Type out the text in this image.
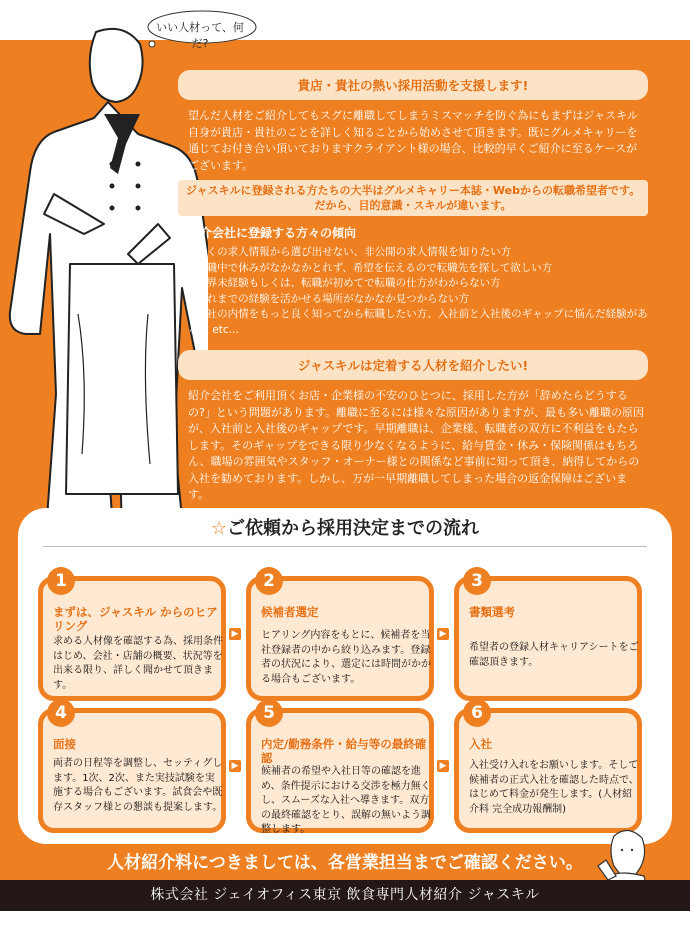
いい人材って、何だ?
貴店・貴社の熱い採用活動を支援します!
望んだ人材をご紹介してもスグに離職してしまうミスマッチを防ぐ為にもまずはジャスキル自身が貴店・貴社のことを詳しく知ることから始めさせて頂きます。既にグルメキャリーを通じてお付き合い頂いておりますクライアント様の場合、比較的早くご紹介に至るケースがございます。
ジャスキルに登録される方たちの大半はグルメキャリー本誌・Webからの転職希望者です。
だから、目的意識・スキルが違います。
紹介会社に登録する方々の傾向
◆多くの求人情報から選び出せない、非公開の求人情報を知りたい方
◆在職中で休みがなかなかとれず、希望を伝えるので転職先を探して欲しい方
◆業界未経験もしくは、転職が初めてで転職の仕方がわからない方
◆これまでの経験を活かせる場所がなかなか見つからない方
◆会社の内情をもっと良く知ってから転職したい方、入社前と入社後のギャップに悩んだ経験がある方 etc…
ジャスキルは定着する人材を紹介したい!
紹介会社をご利用頂くお店・企業様の不安のひとつに、採用した方が「辞めたらどうするの?」という問題があります。離職に至るには様々な原因がありますが、最も多い離職の原因が、入社前と入社後のギャップです。早期離職は、企業様、転職者の双方に不利益をもたらします。そのギャップをできる限り少なくなるように、給与賃金・休み・保険関係はもちろん、職場の雰囲気やスタッフ・オーナー様との関係など事前に知って頂き、納得してからの入社を勧めております。しかし、万が一早期離職してしまった場合の返金保障はございます。
☆ご依頼から採用決定までの流れ
1
まずは、ジャスキル からのヒアリング
求める人材像を確認する為、採用条件はじめ、会社・店舗の概要、状況等を出来る限り、詳しく聞かせて頂きます。
▶
2
候補者選定
ヒアリング内容をもとに、候補者を当社登録者の中から絞り込みます。登録者の状況により、選定には時間がかかる場合もございます。
▶
3
書類選考
希望者の登録人材キャリアシートをご確認頂きます。
4
面接
両者の日程等を調整し、セッティグします。1次、2次、また実技試験を実施する場合もございます。試食会や既存スタッフ様との懇談も提案します。
▶
5
内定/勤務条件・給与等の最終確認
候補者の希望や入社日等の確認を進め、条件提示における交渉を極力無くし、スムーズな入社へ導きます。双方の最終確認をとり、誤解の無いよう調整します。
▶
6
入社
入社受け入れをお願いします。そして候補者の正式入社を確認した時点で、はじめて料金が発生します。(人材紹介料 完全成功報酬制)
人材紹介料につきましては、各営業担当までご確認ください。
株式会社 ジェイオフィス東京 飲食専門人材紹介 ジャスキル
